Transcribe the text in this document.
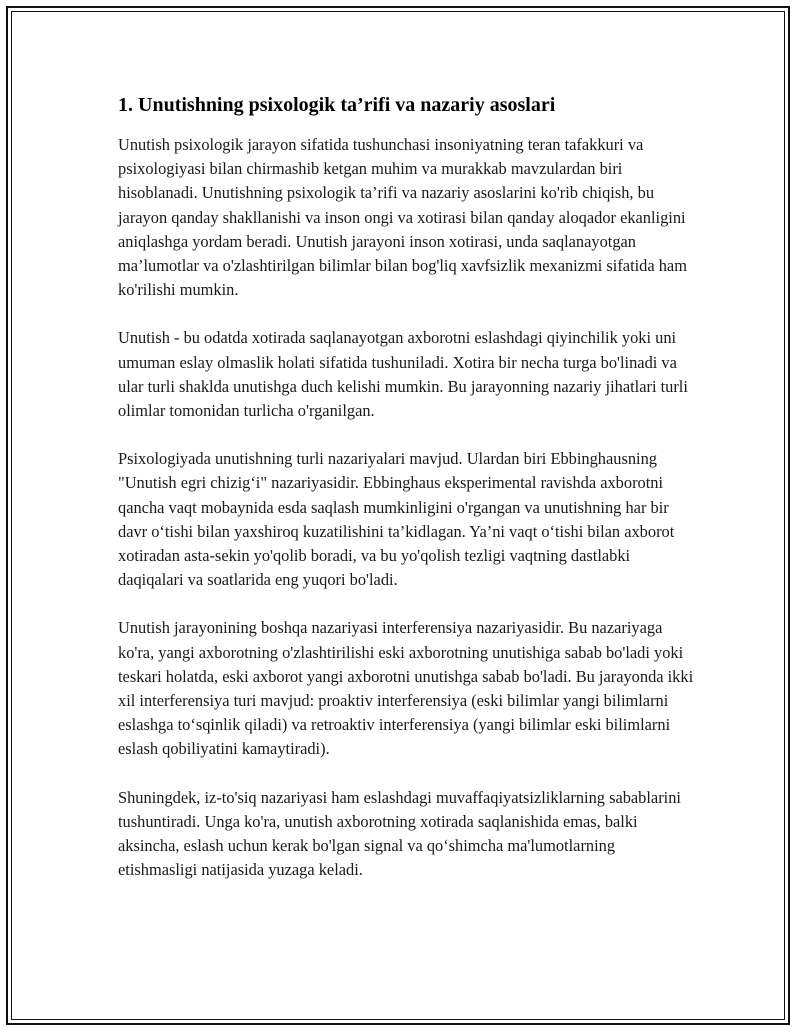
1. Unutishning psixologik ta’rifi va nazariy asoslari

Unutish psixologik jarayon sifatida tushunchasi insoniyatning teran tafakkuri va psixologiyasi bilan chirmashib ketgan muhim va murakkab mavzulardan biri hisoblanadi. Unutishning psixologik ta’rifi va nazariy asoslarini ko'rib chiqish, bu jarayon qanday shakllanishi va inson ongi va xotirasi bilan qanday aloqador ekanligini aniqlashga yordam beradi. Unutish jarayoni inson xotirasi, unda saqlanayotgan ma’lumotlar va o'zlashtirilgan bilimlar bilan bog'liq xavfsizlik mexanizmi sifatida ham ko'rilishi mumkin.

Unutish - bu odatda xotirada saqlanayotgan axborotni eslashdagi qiyinchilik yoki uni umuman eslay olmaslik holati sifatida tushuniladi. Xotira bir necha turga bo'linadi va ular turli shaklda unutishga duch kelishi mumkin. Bu jarayonning nazariy jihatlari turli olimlar tomonidan turlicha o'rganilgan.

Psixologiyada unutishning turli nazariyalari mavjud. Ulardan biri Ebbinghausning "Unutish egri chizig‘i" nazariyasidir. Ebbinghaus eksperimental ravishda axborotni qancha vaqt mobaynida esda saqlash mumkinligini o'rgangan va unutishning har bir davr o‘tishi bilan yaxshiroq kuzatilishini ta’kidlagan. Ya’ni vaqt o‘tishi bilan axborot xotiradan asta-sekin yo'qolib boradi, va bu yo'qolish tezligi vaqtning dastlabki daqiqalari va soatlarida eng yuqori bo'ladi.

Unutish jarayonining boshqa nazariyasi interferensiya nazariyasidir. Bu nazariyaga ko'ra, yangi axborotning o'zlashtirilishi eski axborotning unutishiga sabab bo'ladi yoki teskari holatda, eski axborot yangi axborotni unutishga sabab bo'ladi. Bu jarayonda ikki xil interferensiya turi mavjud: proaktiv interferensiya (eski bilimlar yangi bilimlarni eslashga to‘sqinlik qiladi) va retroaktiv interferensiya (yangi bilimlar eski bilimlarni eslash qobiliyatini kamaytiradi).

Shuningdek, iz-to'siq nazariyasi ham eslashdagi muvaffaqiyatsizliklarning sabablarini tushuntiradi. Unga ko'ra, unutish axborotning xotirada saqlanishida emas, balki aksincha, eslash uchun kerak bo'lgan signal va qo‘shimcha ma'lumotlarning etishmasligi natijasida yuzaga keladi.
